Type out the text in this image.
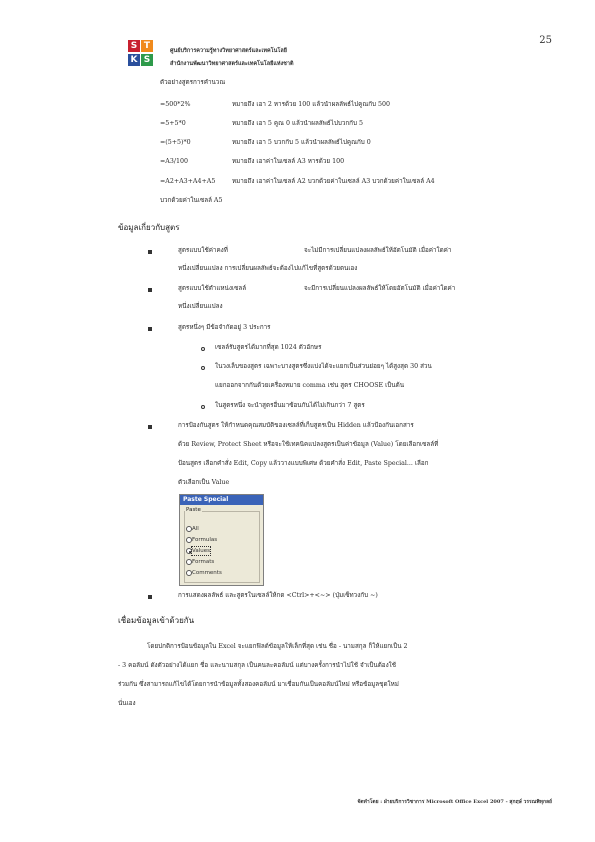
25
S T
K S
ศูนย์บริการความรู้ทางวิทยาศาสตร์และเทคโนโลยี
สำนักงานพัฒนาวิทยาศาสตร์และเทคโนโลยีแห่งชาติ
ตัวอย่างสูตรการคำนวณ
=500*2%	หมายถึง เอา 2 หารด้วย 100 แล้วนำผลลัพธ์ไปคูณกับ 500
=5+5*0	หมายถึง เอา 5 คูณ 0 แล้วนำผลลัพธ์ไปบวกกับ 5
=(5+5)*0	หมายถึง เอา 5 บวกกับ 5 แล้วนำผลลัพธ์ไปคูณกับ 0
=A3/100	หมายถึง เอาค่าในเซลล์ A3 หารด้วย 100
=A2+A3+A4+A5	หมายถึง เอาค่าในเซลล์ A2 บวกด้วยค่าในเซลล์ A3 บวกด้วยค่าในเซลล์ A4
บวกด้วยค่าในเซลล์ A5
ข้อมูลเกี่ยวกับสูตร
สูตรแบบใช้ค่าคงที่	จะไม่มีการเปลี่ยนแปลงผลลัพธ์ให้อัตโนมัติ เมื่อค่าใดค่า
หนึ่งเปลี่ยนแปลง การเปลี่ยนผลลัพธ์จะต้องไปแก้ไขที่สูตรด้วยตนเอง
สูตรแบบใช้ตำแหน่งเซลล์	จะมีการเปลี่ยนแปลงผลลัพธ์ให้โดยอัตโนมัติ เมื่อค่าใดค่า
หนึ่งเปลี่ยนแปลง
สูตรหนึ่งๆ มีข้อจำกัดอยู่ 3 ประการ
เซลล์รับสูตรได้มากที่สุด 1024 ตัวอักษร
ในวงเล็บของสูตร เฉพาะบางสูตรซึ่งแบ่งได้จะแยกเป็นส่วนย่อยๆ ได้สูงสุด 30 ส่วน
แยกออกจากกันด้วยเครื่องหมาย comma เช่น สูตร CHOOSE เป็นต้น
ในสูตรหนึ่ง จะนำสูตรอื่นมาซ้อนกันได้ไม่เกินกว่า 7 สูตร
การป้องกันสูตร ให้กำหนดคุณสมบัติของเซลล์ที่เก็บสูตรเป็น Hidden แล้วป้องกันเอกสาร
ด้วย Review, Protect Sheet หรือจะใช้เทคนิคแปลงสูตรเป็นค่าข้อมูล (Value) โดยเลือกเซลล์ที่
ป้อนสูตร เลือกคำสั่ง Edit, Copy แล้ววางแบบพิเศษ ด้วยคำสั่ง Edit, Paste Special... เลือก
ตัวเลือกเป็น Value
Paste Special
Paste
All
Formulas
Values
Formats
Comments
การแสดงผลลัพธ์ และสูตรในเซลล์ให้กด <Ctrl>+<~> (ปุ่มเซ็ทวงกับ ~)
เชื่อมข้อมูลเข้าด้วยกัน
โดยปกติการป้อนข้อมูลใน Excel จะแยกฟิลด์ข้อมูลให้เล็กที่สุด เช่น ชื่อ - นามสกุล ก็ให้แยกเป็น 2
- 3 คอลัมน์ ดังตัวอย่างได้แยก ชื่อ และนามสกุล เป็นคนละคอลัมน์ แต่บางครั้งการนำไปใช้ จำเป็นต้องใช้
ร่วมกัน ซึ่งสามารถแก้ไขได้โดยการนำข้อมูลทั้งสองคอลัมน์ มาเชื่อมกันเป็นคอลัมน์ใหม่ หรือข้อมูลชุดใหม่
นั่นเอง
จัดทำโดย : ฝ่ายบริการวิชาการ Microsoft Office Excel 2007 - สุกฤษ์ วรรณพิทุกลย์
